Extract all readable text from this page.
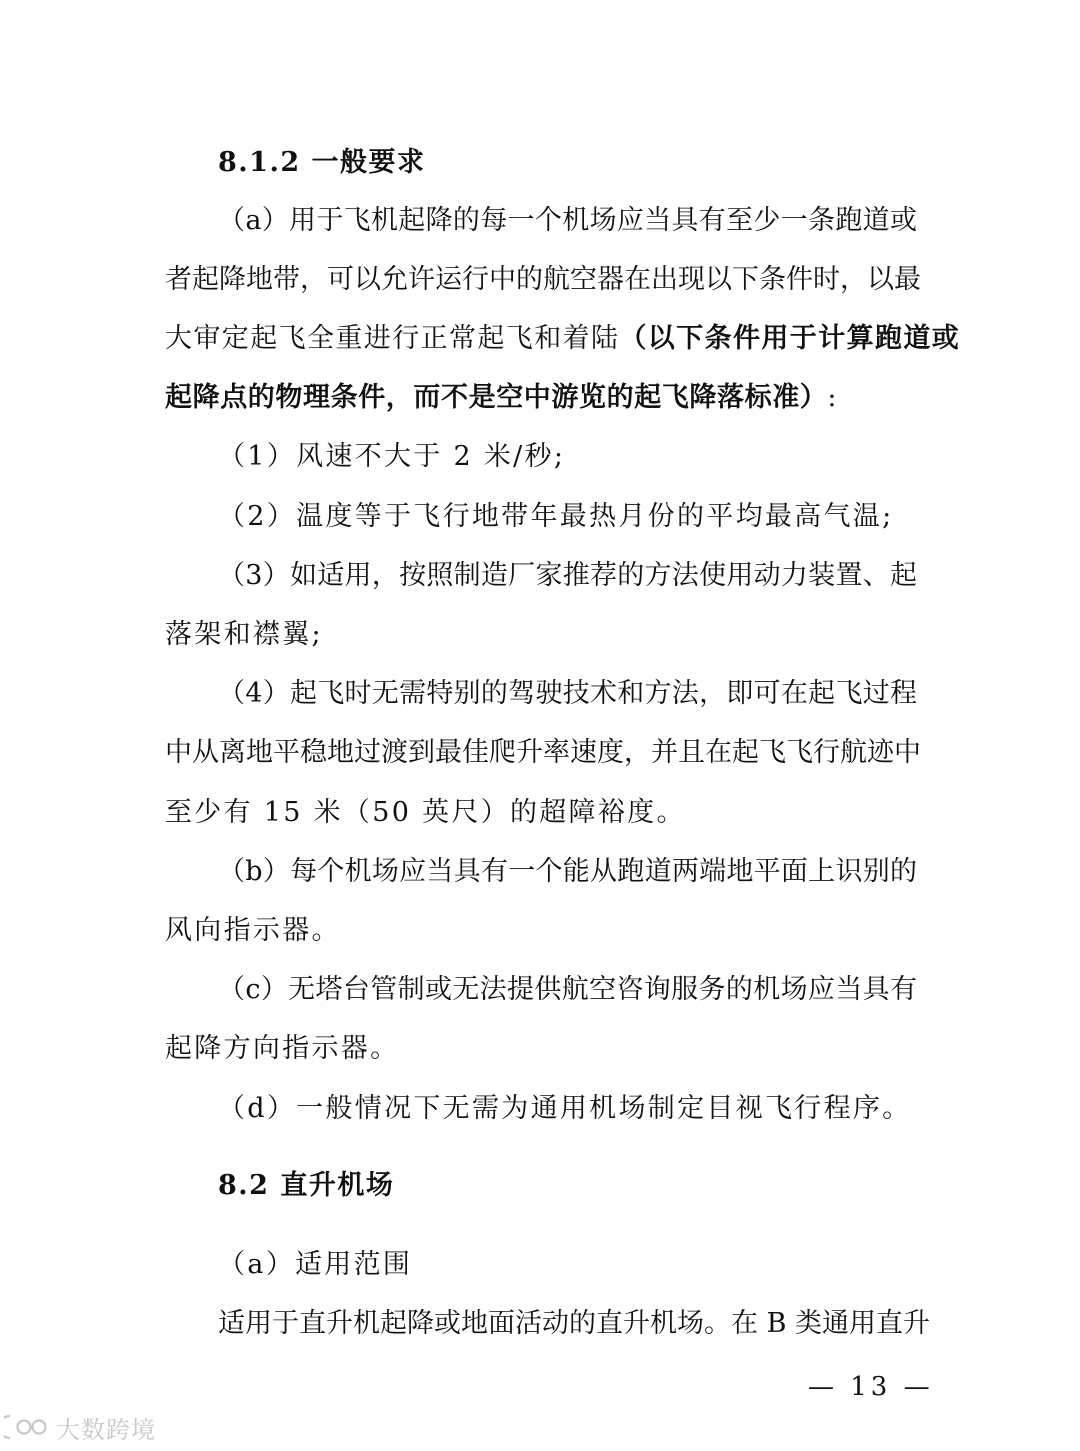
8.1.2 一般要求
（a）用于飞机起降的每一个机场应当具有至少一条跑道或
者起降地带，可以允许运行中的航空器在出现以下条件时，以最
大审定起飞全重进行正常起飞和着陆（以下条件用于计算跑道或
起降点的物理条件，而不是空中游览的起飞降落标准）:
（1）风速不大于 2 米/秒;
（2）温度等于飞行地带年最热月份的平均最高气温;
（3）如适用，按照制造厂家推荐的方法使用动力装置、起
落架和襟翼;
（4）起飞时无需特别的驾驶技术和方法，即可在起飞过程
中从离地平稳地过渡到最佳爬升率速度，并且在起飞飞行航迹中
至少有 15 米（50 英尺）的超障裕度。
（b）每个机场应当具有一个能从跑道两端地平面上识别的
风向指示器。
（c）无塔台管制或无法提供航空咨询服务的机场应当具有
起降方向指示器。
（d）一般情况下无需为通用机场制定目视飞行程序。
8.2 直升机场
（a）适用范围
适用于直升机起降或地面活动的直升机场。在 B 类通用直升
— 13 —
大数跨境
